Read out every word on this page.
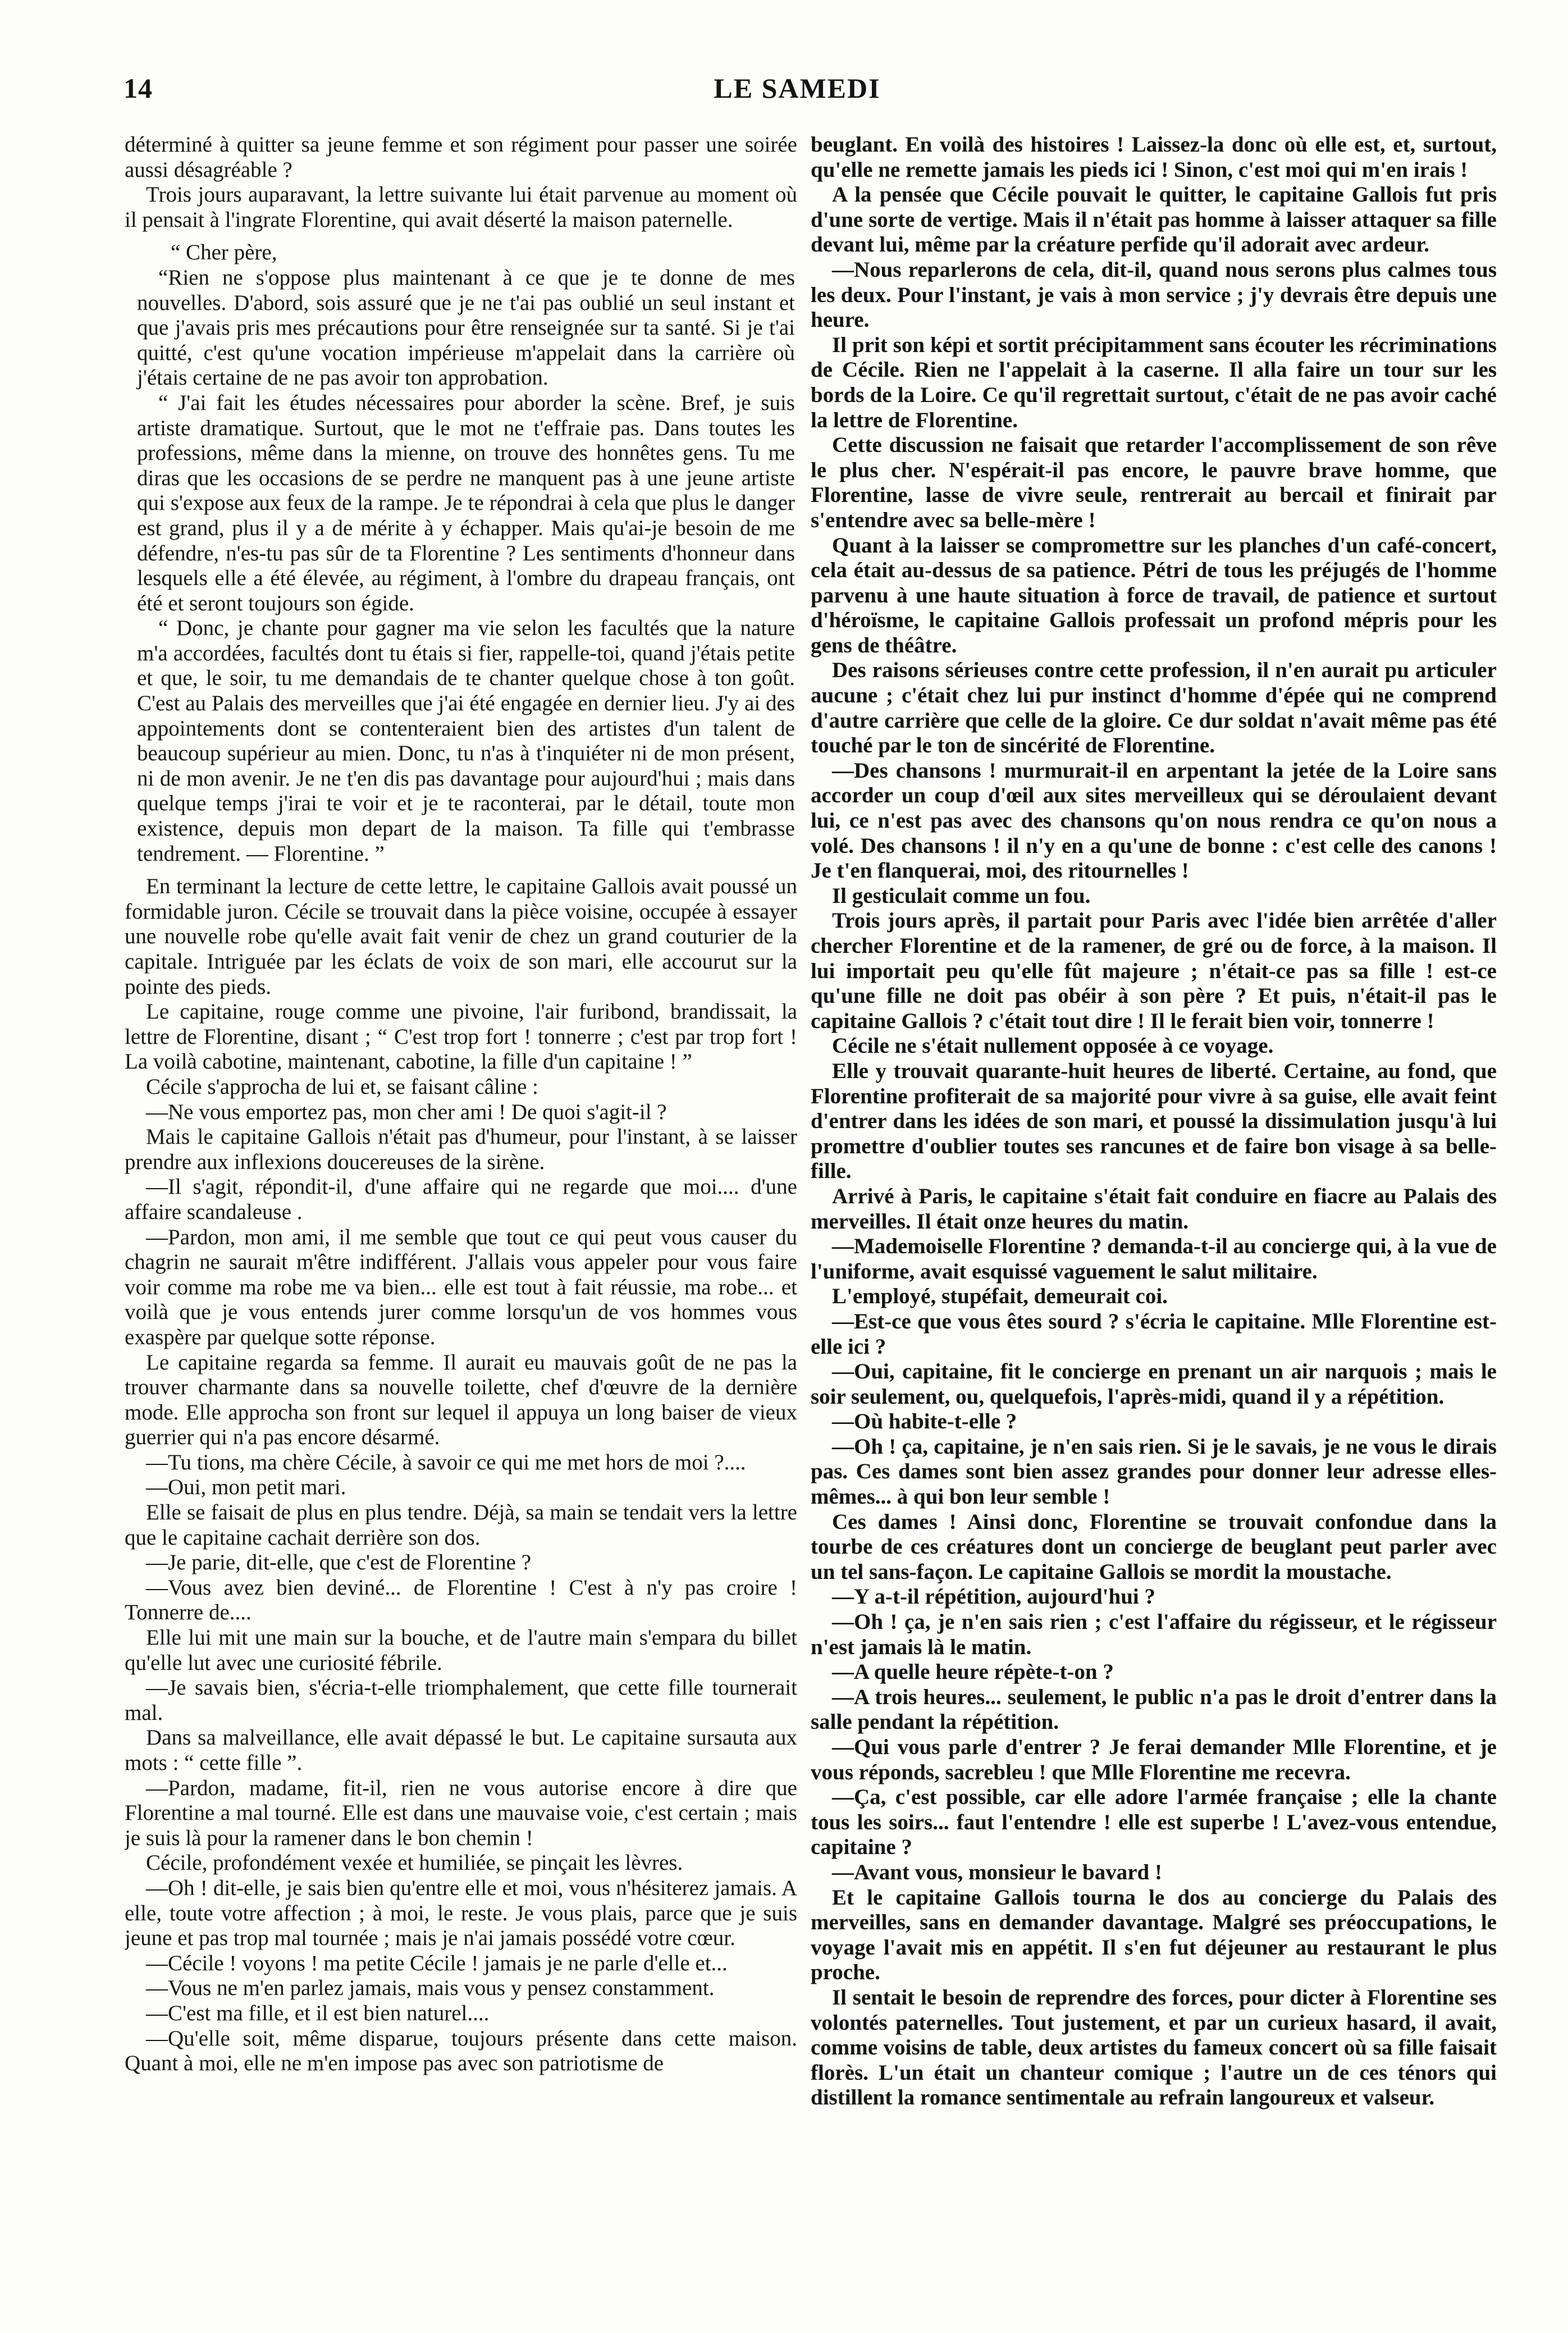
14	LE SAMEDI

déterminé à quitter sa jeune femme et son régiment pour passer une soirée aussi désagréable ?

Trois jours auparavant, la lettre suivante lui était parvenue au moment où il pensait à l'ingrate Florentine, qui avait déserté la maison paternelle.

“ Cher père,

“Rien ne s'oppose plus maintenant à ce que je te donne de mes nouvelles. D'abord, sois assuré que je ne t'ai pas oublié un seul instant et que j'avais pris mes précautions pour être renseignée sur ta santé. Si je t'ai quitté, c'est qu'une vocation impérieuse m'appelait dans la carrière où j'étais certaine de ne pas avoir ton approbation.

“ J'ai fait les études nécessaires pour aborder la scène. Bref, je suis artiste dramatique. Surtout, que le mot ne t'effraie pas. Dans toutes les professions, même dans la mienne, on trouve des honnêtes gens. Tu me diras que les occasions de se perdre ne manquent pas à une jeune artiste qui s'expose aux feux de la rampe. Je te répondrai à cela que plus le danger est grand, plus il y a de mérite à y échapper. Mais qu'ai-je besoin de me défendre, n'es-tu pas sûr de ta Florentine ? Les sentiments d'honneur dans lesquels elle a été élevée, au régiment, à l'ombre du drapeau français, ont été et seront toujours son égide.

“ Donc, je chante pour gagner ma vie selon les facultés que la nature m'a accordées, facultés dont tu étais si fier, rappelle-toi, quand j'étais petite et que, le soir, tu me demandais de te chanter quelque chose à ton goût. C'est au Palais des merveilles que j'ai été engagée en dernier lieu. J'y ai des appointements dont se contenteraient bien des artistes d'un talent de beaucoup supérieur au mien. Donc, tu n'as à t'inquiéter ni de mon présent, ni de mon avenir. Je ne t'en dis pas davantage pour aujourd'hui ; mais dans quelque temps j'irai te voir et je te raconterai, par le détail, toute mon existence, depuis mon depart de la maison. Ta fille qui t'embrasse tendrement. — Florentine. ”

En terminant la lecture de cette lettre, le capitaine Gallois avait poussé un formidable juron. Cécile se trouvait dans la pièce voisine, occupée à essayer une nouvelle robe qu'elle avait fait venir de chez un grand couturier de la capitale. Intriguée par les éclats de voix de son mari, elle accourut sur la pointe des pieds.

Le capitaine, rouge comme une pivoine, l'air furibond, brandissait, la lettre de Florentine, disant ; “ C'est trop fort ! tonnerre ; c'est par trop fort ! La voilà cabotine, maintenant, cabotine, la fille d'un capitaine ! ”

Cécile s'approcha de lui et, se faisant câline :

—Ne vous emportez pas, mon cher ami ! De quoi s'agit-il ?

Mais le capitaine Gallois n'était pas d'humeur, pour l'instant, à se laisser prendre aux inflexions doucereuses de la sirène.

—Il s'agit, répondit-il, d'une affaire qui ne regarde que moi.... d'une affaire scandaleuse .

—Pardon, mon ami, il me semble que tout ce qui peut vous causer du chagrin ne saurait m'être indifférent. J'allais vous appeler pour vous faire voir comme ma robe me va bien... elle est tout à fait réussie, ma robe... et voilà que je vous entends jurer comme lorsqu'un de vos hommes vous exaspère par quelque sotte réponse.

Le capitaine regarda sa femme. Il aurait eu mauvais goût de ne pas la trouver charmante dans sa nouvelle toilette, chef d'œuvre de la dernière mode. Elle approcha son front sur lequel il appuya un long baiser de vieux guerrier qui n'a pas encore désarmé.

—Tu tions, ma chère Cécile, à savoir ce qui me met hors de moi ?....

—Oui, mon petit mari.

Elle se faisait de plus en plus tendre. Déjà, sa main se tendait vers la lettre que le capitaine cachait derrière son dos.

—Je parie, dit-elle, que c'est de Florentine ?

—Vous avez bien deviné... de Florentine ! C'est à n'y pas croire ! Tonnerre de....

Elle lui mit une main sur la bouche, et de l'autre main s'empara du billet qu'elle lut avec une curiosité fébrile.

—Je savais bien, s'écria-t-elle triomphalement, que cette fille tournerait mal.

Dans sa malveillance, elle avait dépassé le but. Le capitaine sursauta aux mots : “ cette fille ”.

—Pardon, madame, fit-il, rien ne vous autorise encore à dire que Florentine a mal tourné. Elle est dans une mauvaise voie, c'est certain ; mais je suis là pour la ramener dans le bon chemin !

Cécile, profondément vexée et humiliée, se pinçait les lèvres.

—Oh ! dit-elle, je sais bien qu'entre elle et moi, vous n'hésiterez jamais. A elle, toute votre affection ; à moi, le reste. Je vous plais, parce que je suis jeune et pas trop mal tournée ; mais je n'ai jamais possédé votre cœur.

—Cécile ! voyons ! ma petite Cécile ! jamais je ne parle d'elle et...

—Vous ne m'en parlez jamais, mais vous y pensez constamment.

—C'est ma fille, et il est bien naturel....

—Qu'elle soit, même disparue, toujours présente dans cette maison. Quant à moi, elle ne m'en impose pas avec son patriotisme de

beuglant. En voilà des histoires ! Laissez-la donc où elle est, et, surtout, qu'elle ne remette jamais les pieds ici ! Sinon, c'est moi qui m'en irais !

A la pensée que Cécile pouvait le quitter, le capitaine Gallois fut pris d'une sorte de vertige. Mais il n'était pas homme à laisser attaquer sa fille devant lui, même par la créature perfide qu'il adorait avec ardeur.

—Nous reparlerons de cela, dit-il, quand nous serons plus calmes tous les deux. Pour l'instant, je vais à mon service ; j'y devrais être depuis une heure.

Il prit son képi et sortit précipitamment sans écouter les récriminations de Cécile. Rien ne l'appelait à la caserne. Il alla faire un tour sur les bords de la Loire. Ce qu'il regrettait surtout, c'était de ne pas avoir caché la lettre de Florentine.

Cette discussion ne faisait que retarder l'accomplissement de son rêve le plus cher. N'espérait-il pas encore, le pauvre brave homme, que Florentine, lasse de vivre seule, rentrerait au bercail et finirait par s'entendre avec sa belle-mère !

Quant à la laisser se compromettre sur les planches d'un café-concert, cela était au-dessus de sa patience. Pétri de tous les préjugés de l'homme parvenu à une haute situation à force de travail, de patience et surtout d'héroïsme, le capitaine Gallois professait un profond mépris pour les gens de théâtre.

Des raisons sérieuses contre cette profession, il n'en aurait pu articuler aucune ; c'était chez lui pur instinct d'homme d'épée qui ne comprend d'autre carrière que celle de la gloire. Ce dur soldat n'avait même pas été touché par le ton de sincérité de Florentine.

—Des chansons ! murmurait-il en arpentant la jetée de la Loire sans accorder un coup d'œil aux sites merveilleux qui se déroulaient devant lui, ce n'est pas avec des chansons qu'on nous rendra ce qu'on nous a volé. Des chansons ! il n'y en a qu'une de bonne : c'est celle des canons ! Je t'en flanquerai, moi, des ritournelles !

Il gesticulait comme un fou.

Trois jours après, il partait pour Paris avec l'idée bien arrêtée d'aller chercher Florentine et de la ramener, de gré ou de force, à la maison. Il lui importait peu qu'elle fût majeure ; n'était-ce pas sa fille ! est-ce qu'une fille ne doit pas obéir à son père ? Et puis, n'était-il pas le capitaine Gallois ? c'était tout dire ! Il le ferait bien voir, tonnerre !

Cécile ne s'était nullement opposée à ce voyage.

Elle y trouvait quarante-huit heures de liberté. Certaine, au fond, que Florentine profiterait de sa majorité pour vivre à sa guise, elle avait feint d'entrer dans les idées de son mari, et poussé la dissimulation jusqu'à lui promettre d'oublier toutes ses rancunes et de faire bon visage à sa belle-fille.

Arrivé à Paris, le capitaine s'était fait conduire en fiacre au Palais des merveilles. Il était onze heures du matin.

—Mademoiselle Florentine ? demanda-t-il au concierge qui, à la vue de l'uniforme, avait esquissé vaguement le salut militaire.

L'employé, stupéfait, demeurait coi.

—Est-ce que vous êtes sourd ? s'écria le capitaine. Mlle Florentine est-elle ici ?

—Oui, capitaine, fit le concierge en prenant un air narquois ; mais le soir seulement, ou, quelquefois, l'après-midi, quand il y a répétition.

—Où habite-t-elle ?

—Oh ! ça, capitaine, je n'en sais rien. Si je le savais, je ne vous le dirais pas. Ces dames sont bien assez grandes pour donner leur adresse elles-mêmes... à qui bon leur semble !

Ces dames ! Ainsi donc, Florentine se trouvait confondue dans la tourbe de ces créatures dont un concierge de beuglant peut parler avec un tel sans-façon. Le capitaine Gallois se mordit la moustache.

—Y a-t-il répétition, aujourd'hui ?

—Oh ! ça, je n'en sais rien ; c'est l'affaire du régisseur, et le régisseur n'est jamais là le matin.

—A quelle heure répète-t-on ?

—A trois heures... seulement, le public n'a pas le droit d'entrer dans la salle pendant la répétition.

—Qui vous parle d'entrer ? Je ferai demander Mlle Florentine, et je vous réponds, sacrebleu ! que Mlle Florentine me recevra.

—Ça, c'est possible, car elle adore l'armée française ; elle la chante tous les soirs... faut l'entendre ! elle est superbe ! L'avez-vous entendue, capitaine ?

—Avant vous, monsieur le bavard !

Et le capitaine Gallois tourna le dos au concierge du Palais des merveilles, sans en demander davantage. Malgré ses préoccupations, le voyage l'avait mis en appétit. Il s'en fut déjeuner au restaurant le plus proche.

Il sentait le besoin de reprendre des forces, pour dicter à Florentine ses volontés paternelles. Tout justement, et par un curieux hasard, il avait, comme voisins de table, deux artistes du fameux concert où sa fille faisait florès. L'un était un chanteur comique ; l'autre un de ces ténors qui distillent la romance sentimentale au refrain langoureux et valseur.
